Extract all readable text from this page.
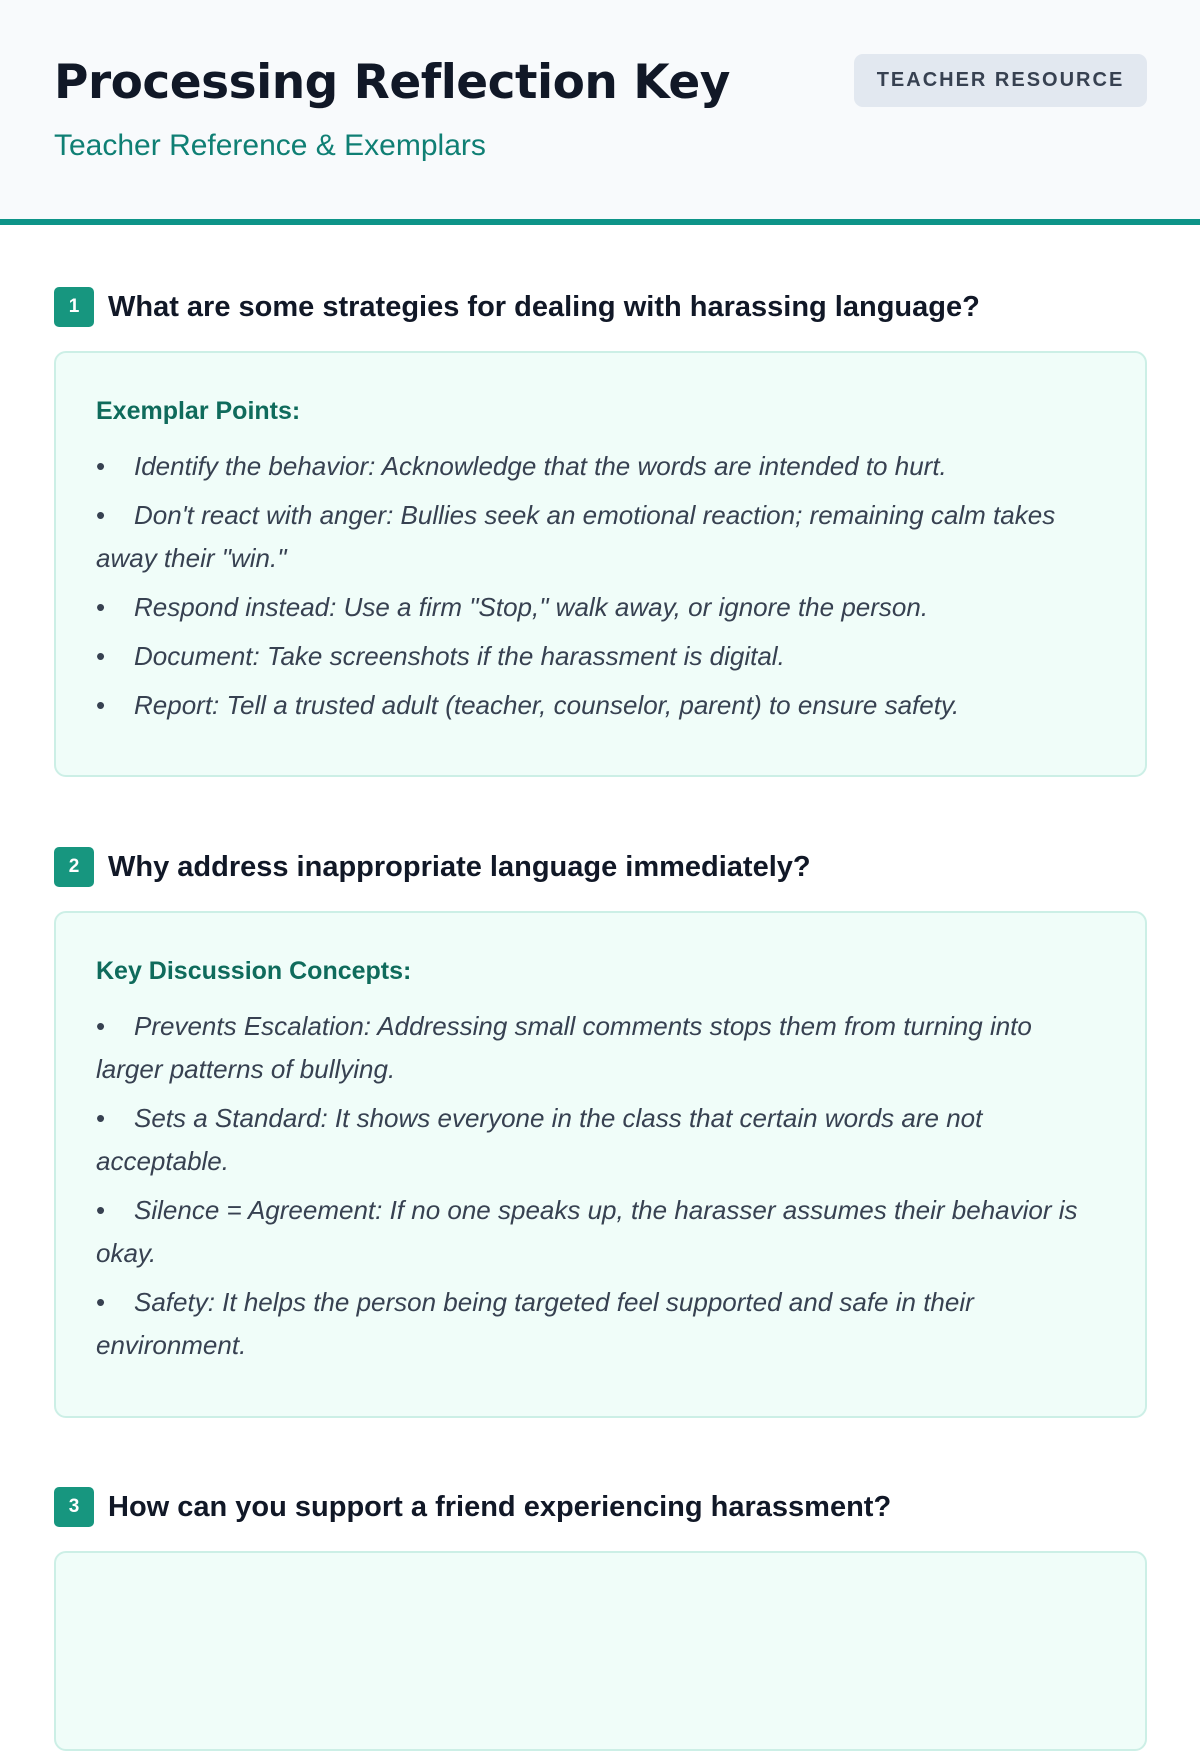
Processing Reflection Key

Teacher Reference & Exemplars

TEACHER RESOURCE
1 What are some strategies for dealing with harassing language?

Exemplar Points:

• Identify the behavior: Acknowledge that the words are intended to hurt.
• Don't react with anger: Bullies seek an emotional reaction; remaining calm takes away their "win."
• Respond instead: Use a firm "Stop," walk away, or ignore the person.
• Document: Take screenshots if the harassment is digital.
• Report: Tell a trusted adult (teacher, counselor, parent) to ensure safety.
2 Why address inappropriate language immediately?

Key Discussion Concepts:

• Prevents Escalation: Addressing small comments stops them from turning into larger patterns of bullying.
• Sets a Standard: It shows everyone in the class that certain words are not acceptable.
• Silence = Agreement: If no one speaks up, the harasser assumes their behavior is okay.
• Safety: It helps the person being targeted feel supported and safe in their environment.
3 How can you support a friend experiencing harassment?
